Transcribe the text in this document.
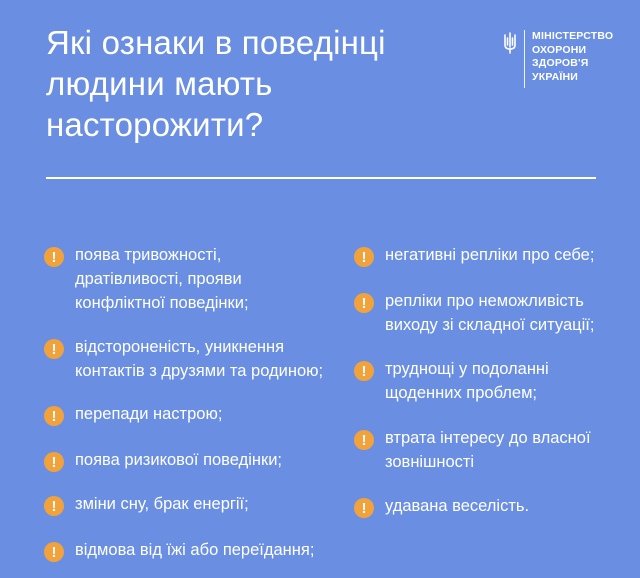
Які ознаки в поведінці
людини мають
насторожити?
МІНІСТЕРСТВО
ОХОРОНИ
ЗДОРОВ'Я
УКРАЇНИ
!	поява тривожності,
дратівливості, прояви
конфліктної поведінки;
!	відстороненість, уникнення
контактів з друзями та родиною;
!	перепади настрою;
!	поява ризикової поведінки;
!	зміни сну, брак енергії;
!	відмова від їжі або переїдання;
!	негативні репліки про себе;
!	репліки про неможливість
виходу зі складної ситуації;
!	труднощі у подоланні
щоденних проблем;
!	втрата інтересу до власної
зовнішності
!	удавана веселість.
